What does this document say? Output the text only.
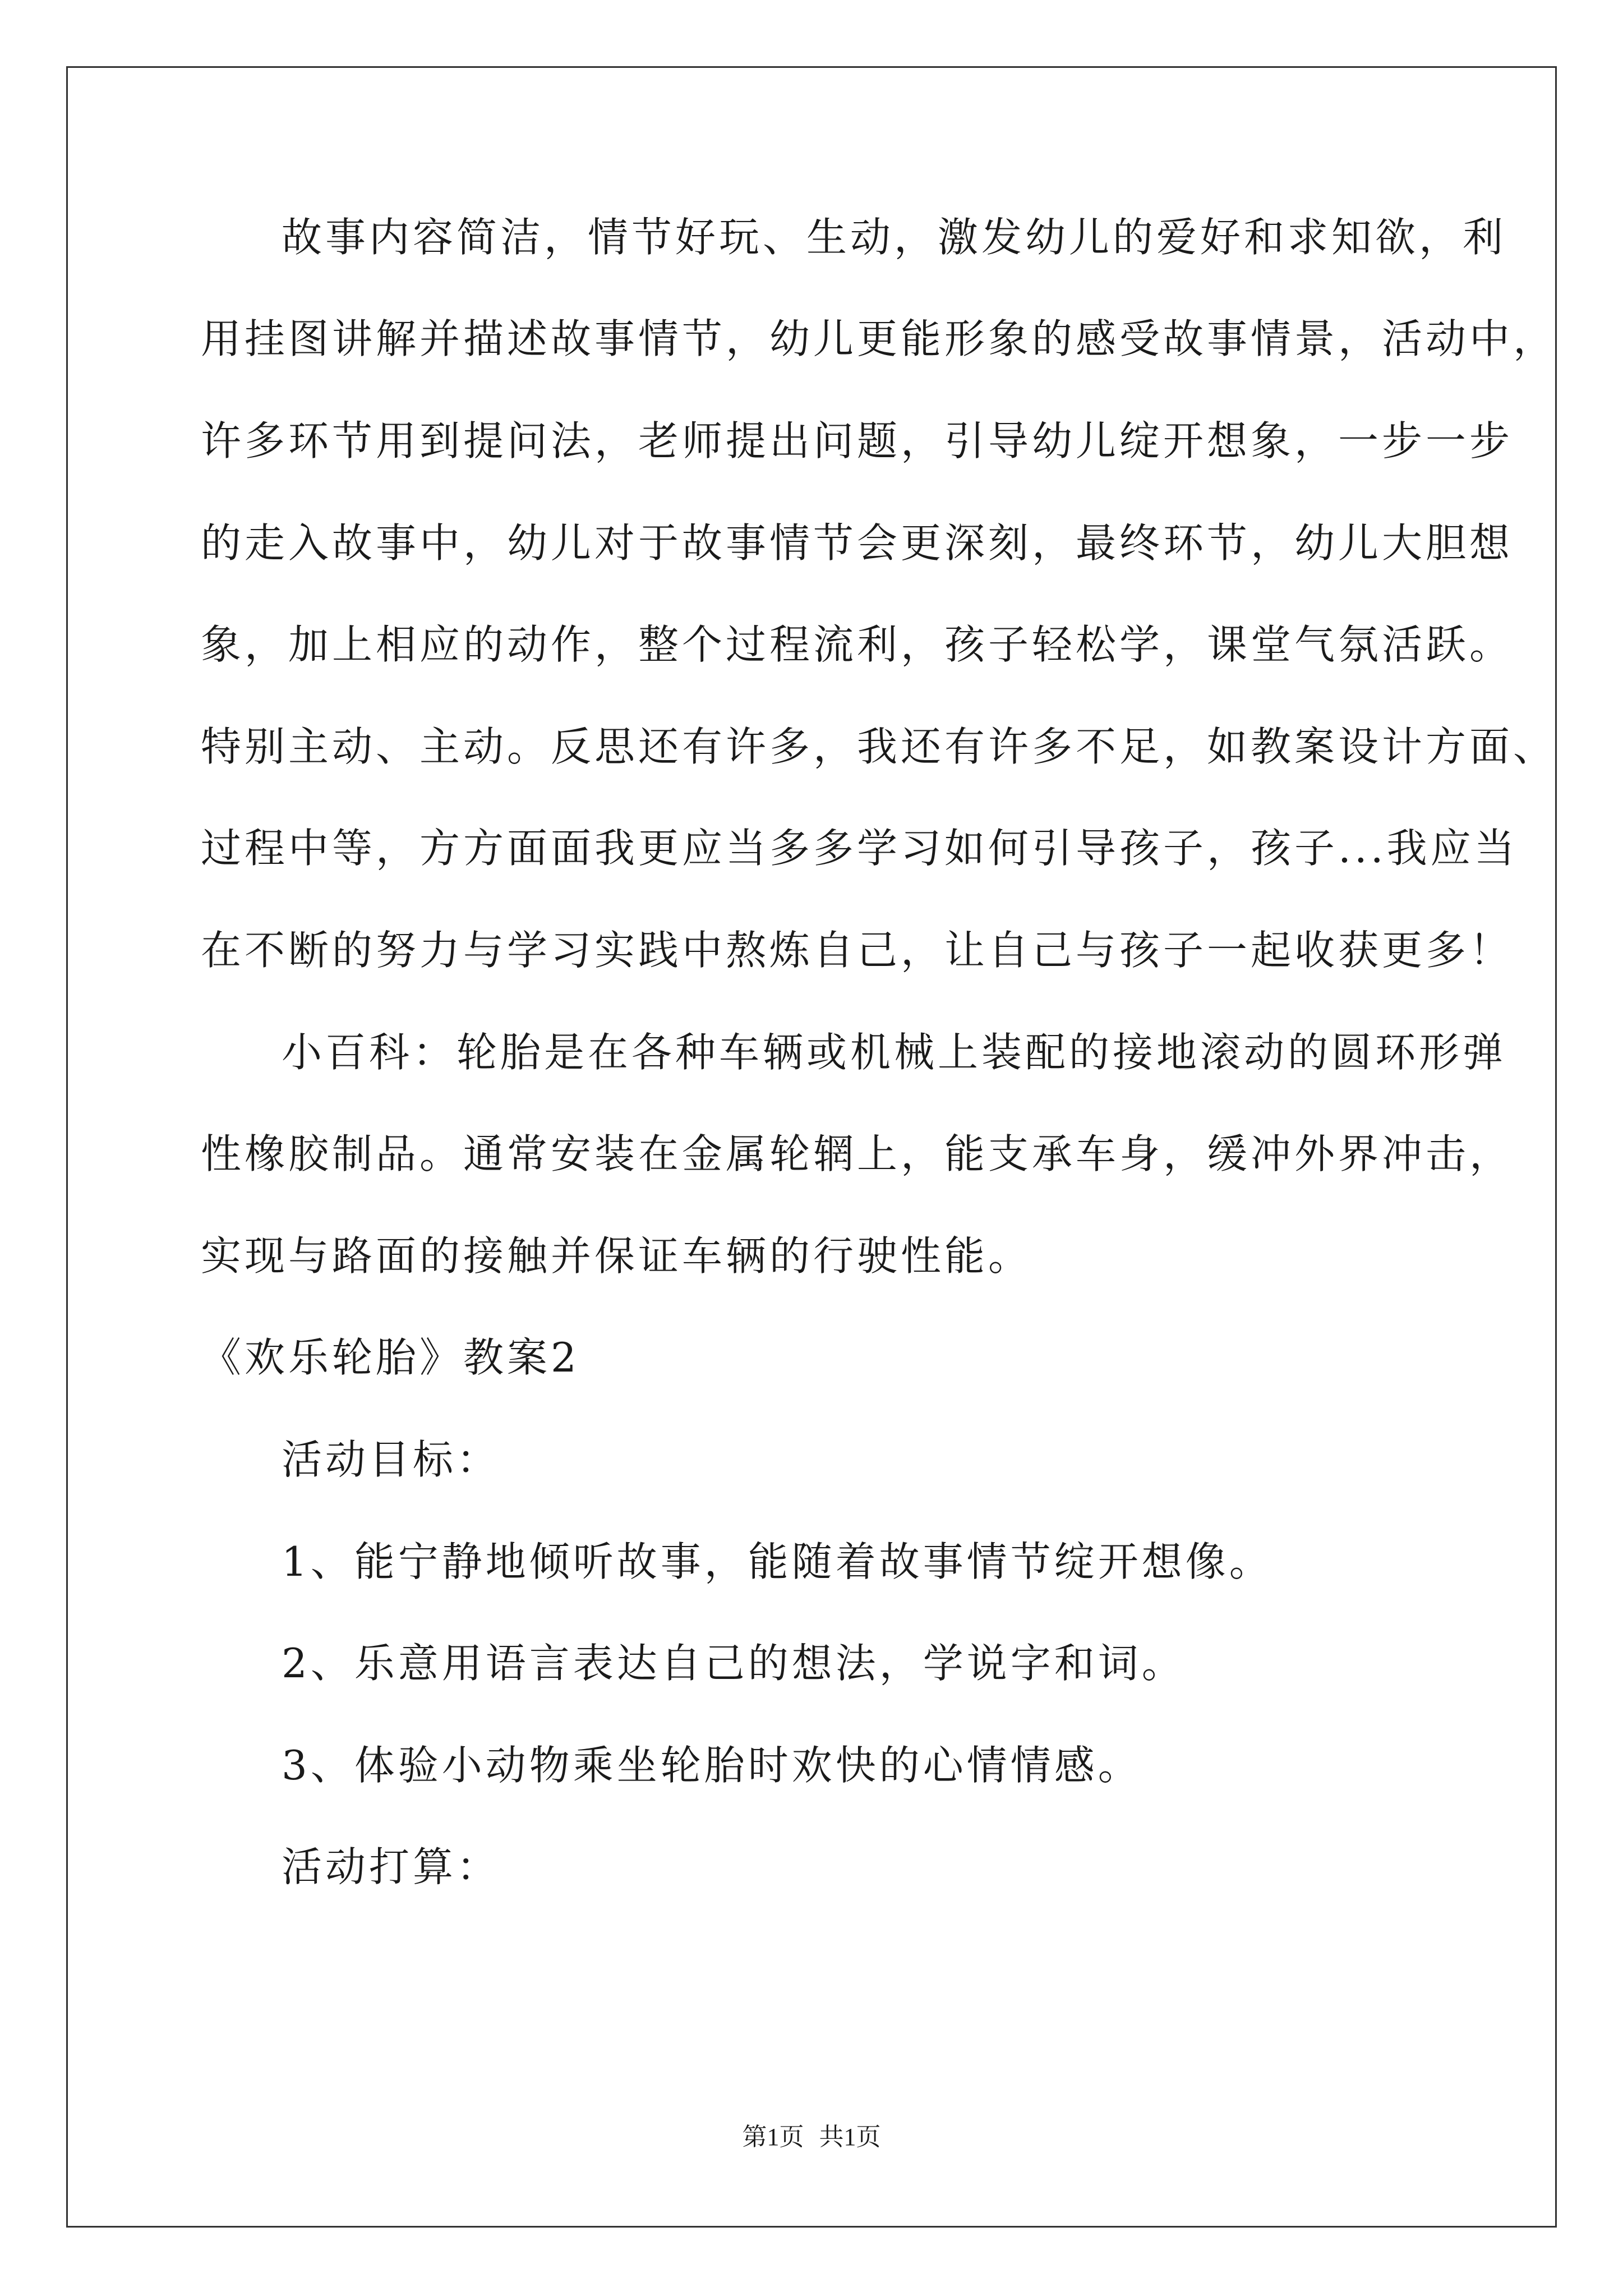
故事内容简洁，情节好玩、生动，激发幼儿的爱好和求知欲，利
用挂图讲解并描述故事情节，幼儿更能形象的感受故事情景，活动中，
许多环节用到提问法，老师提出问题，引导幼儿绽开想象，一步一步
的走入故事中，幼儿对于故事情节会更深刻，最终环节，幼儿大胆想
象，加上相应的动作，整个过程流利，孩子轻松学，课堂气氛活跃。
特别主动、主动。反思还有许多，我还有许多不足，如教案设计方面、
过程中等，方方面面我更应当多多学习如何引导孩子，孩子...我应当
在不断的努力与学习实践中熬炼自己，让自己与孩子一起收获更多！
小百科：轮胎是在各种车辆或机械上装配的接地滚动的圆环形弹
性橡胶制品。通常安装在金属轮辋上，能支承车身，缓冲外界冲击，
实现与路面的接触并保证车辆的行驶性能。
《欢乐轮胎》教案2
活动目标：
1、能宁静地倾听故事，能随着故事情节绽开想像。
2、乐意用语言表达自己的想法，学说字和词。
3、体验小动物乘坐轮胎时欢快的心情情感。
活动打算：
第1页 共1页
